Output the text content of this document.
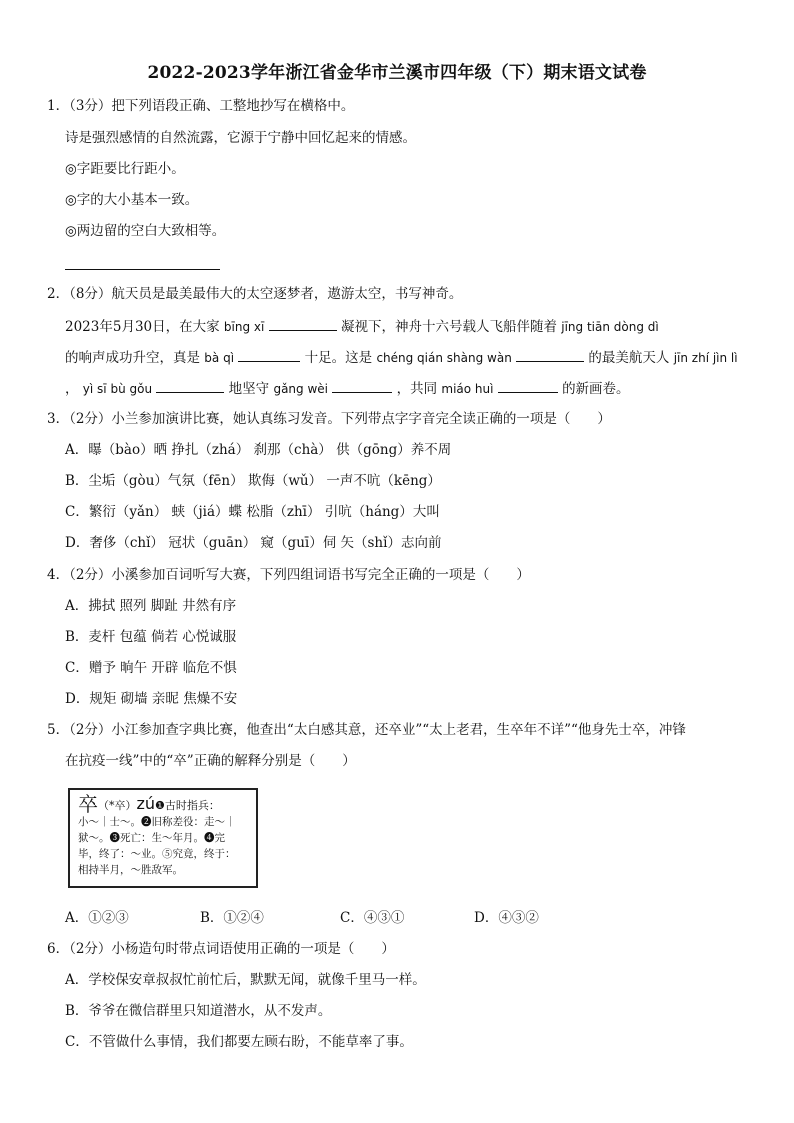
2022-2023学年浙江省金华市兰溪市四年级（下）期末语文试卷
1．（3分）把下列语段正确、工整地抄写在横格中。
诗是强烈感情的自然流露，它源于宁静中回忆起来的情感。
◎字距要比行距小。
◎字的大小基本一致。
◎两边留的空白大致相等。
2．（8分）航天员是最美最伟大的太空逐梦者，遨游太空，书写神奇。
2023年5月30日，在大家 bīng xī	凝视下，神舟十六号载人飞船伴随着 jīng tiān dòng dì
的响声成功升空，真是 bà qì	十足。这是 chéng qián shàng wàn	的最美航天人 jīn zhí jìn lì
， yì sī bù gǒu	地坚守 gǎng wèi	，共同 miáo huì	的新画卷。
3．（2分）小兰参加演讲比赛，她认真练习发音。下列带点字字音完全读正确的一项是（　　）
A．曝（bào）晒 挣扎（zhá） 刹那（chà） 供（gōng）养不周
B．尘垢（gòu）气氛（fēn） 欺侮（wǔ） 一声不吭（kēng）
C．繁衍（yǎn） 蛱（jiá）蝶 松脂（zhī） 引吭（háng）大叫
D．奢侈（chǐ） 冠状（guān） 窥（guī）伺 矢（shǐ）志向前
4．（2分）小溪参加百词听写大赛，下列四组词语书写完全正确的一项是（　　）
A．拂拭 照列 脚趾 井然有序
B．麦杆 包蕴 倘若 心悦诚服
C．赠予 晌午 开辟 临危不惧
D．规矩 砌墙 亲昵 焦燥不安
5．（2分）小江参加查字典比赛，他查出“太白感其意，还卒业”“太上老君，生卒年不详”“他身先士卒，冲锋
在抗疫一线”中的“卒”正确的解释分别是（　　）
卒（*卒）zú❶古时指兵：
小～｜士～。❷旧称差役：走～｜
狱～。❸死亡：生～年月。❹完
毕，终了：～业。⑤究竟，终于：
相持半月，～胜敌军。
A．①②③	B．①②④	C．④③①	D．④③②
6．（2分）小杨造句时带点词语使用正确的一项是（　　）
A．学校保安章叔叔忙前忙后，默默无闻，就像千里马一样。
B．爷爷在微信群里只知道潜水，从不发声。
C．不管做什么事情，我们都要左顾右盼，不能草率了事。
